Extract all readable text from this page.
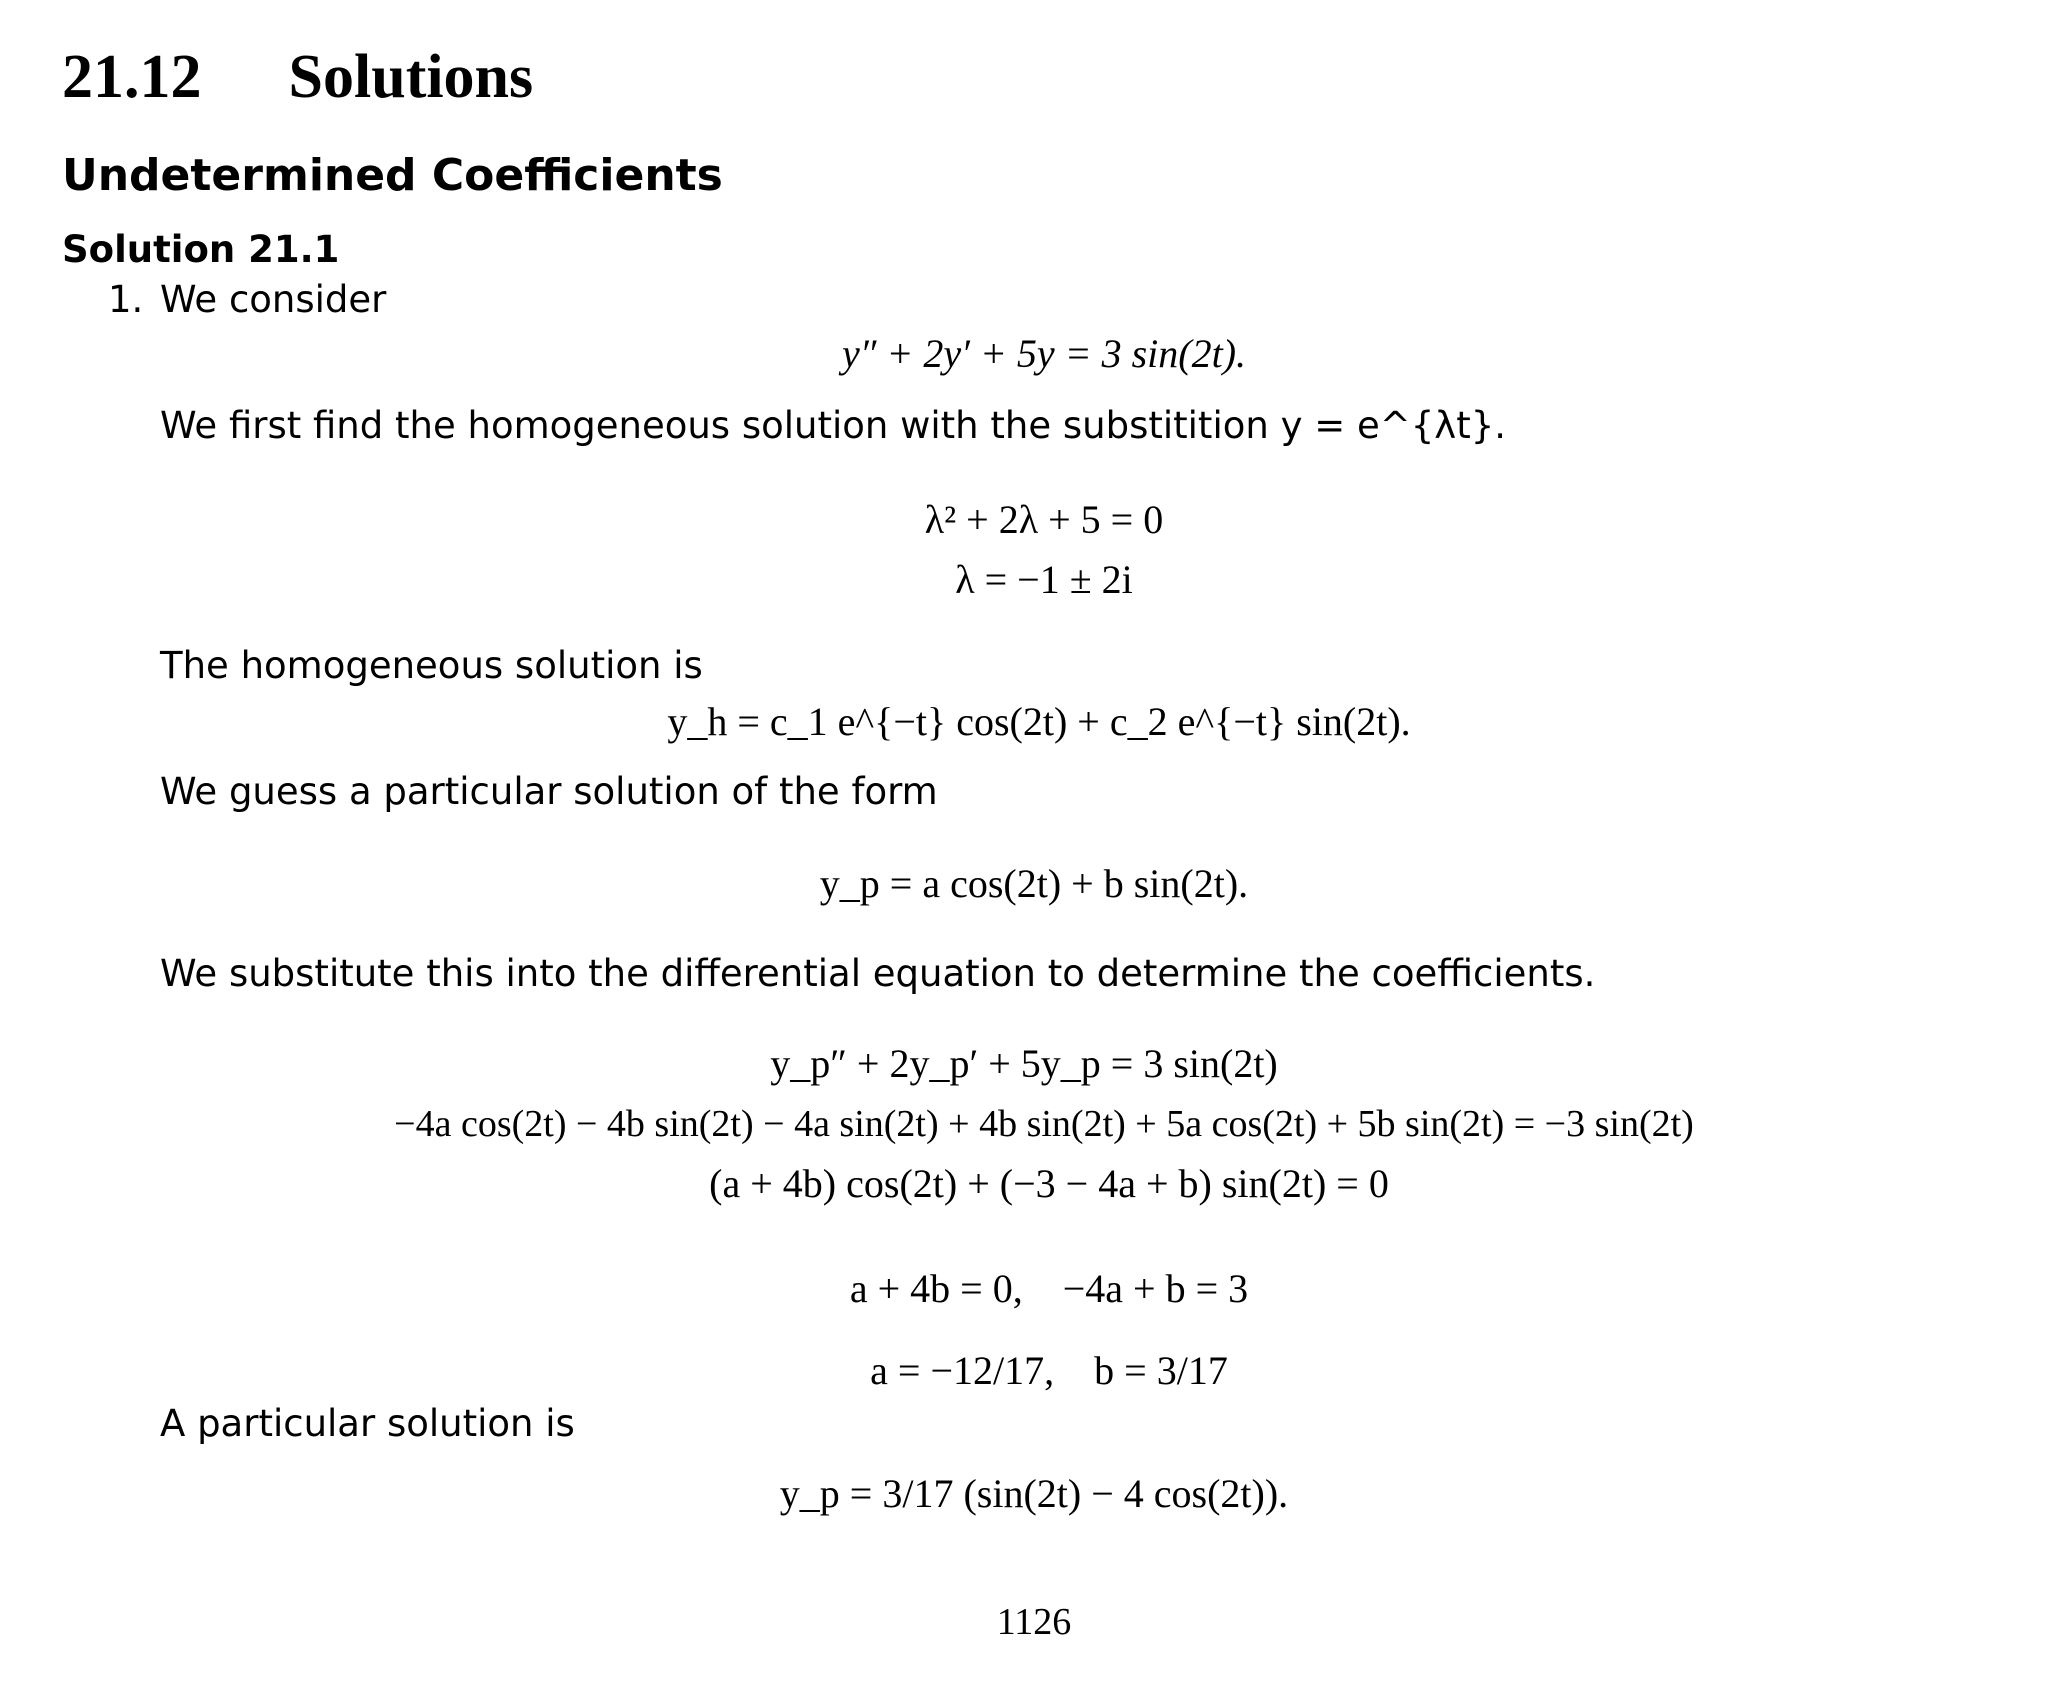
21.12 Solutions
Undetermined Coefficients
Solution 21.1
1. We consider
y″ + 2y′ + 5y = 3 sin(2t).
We first find the homogeneous solution with the substitition y = e^{λt}.
λ² + 2λ + 5 = 0
λ = −1 ± 2i
The homogeneous solution is
y_h = c_1 e^{−t} cos(2t) + c_2 e^{−t} sin(2t).
We guess a particular solution of the form
y_p = a cos(2t) + b sin(2t).
We substitute this into the differential equation to determine the coefficients.
y_p″ + 2y_p′ + 5y_p = 3 sin(2t)
−4a cos(2t) − 4b sin(2t) − 4a sin(2t) + 4b sin(2t) + 5a cos(2t) + 5b sin(2t) = −3 sin(2t)
(a + 4b) cos(2t) + (−3 − 4a + b) sin(2t) = 0

a + 4b = 0,    −4a + b = 3

a = −12/17,    b = 3/17

A particular solution is
y_p = 3/17 (sin(2t) − 4 cos(2t)).
1126
